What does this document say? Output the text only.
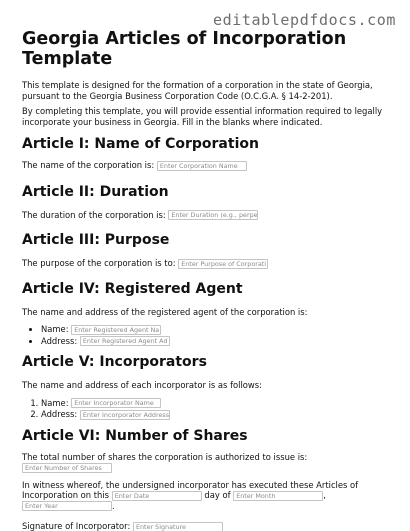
editablepdfdocs.com
Georgia Articles of Incorporation Template

This template is designed for the formation of a corporation in the state of Georgia, pursuant to the Georgia Business Corporation Code (O.C.G.A. § 14-2-201).

By completing this template, you will provide essential information required to legally incorporate your business in Georgia. Fill in the blanks where indicated.

Article I: Name of Corporation

The name of the corporation is: Enter Corporation Name

Article II: Duration

The duration of the corporation is: Enter Duration (e.g., perpe

Article III: Purpose

The purpose of the corporation is to: Enter Purpose of Corporati

Article IV: Registered Agent

The name and address of the registered agent of the corporation is:

• Name: Enter Registered Agent Na
• Address: Enter Registered Agent Ad
Article V: Incorporators

The name and address of each incorporator is as follows:

1. Name: Enter Incorporator Name
2. Address: Enter Incorporator Address
Article VI: Number of Shares

The total number of shares the corporation is authorized to issue is: Enter Number of Shares

In witness whereof, the undersigned incorporator has executed these Articles of Incorporation on this Enter Date	day of Enter Month	, Enter Year	.

Signature of Incorporator: Enter Signature
